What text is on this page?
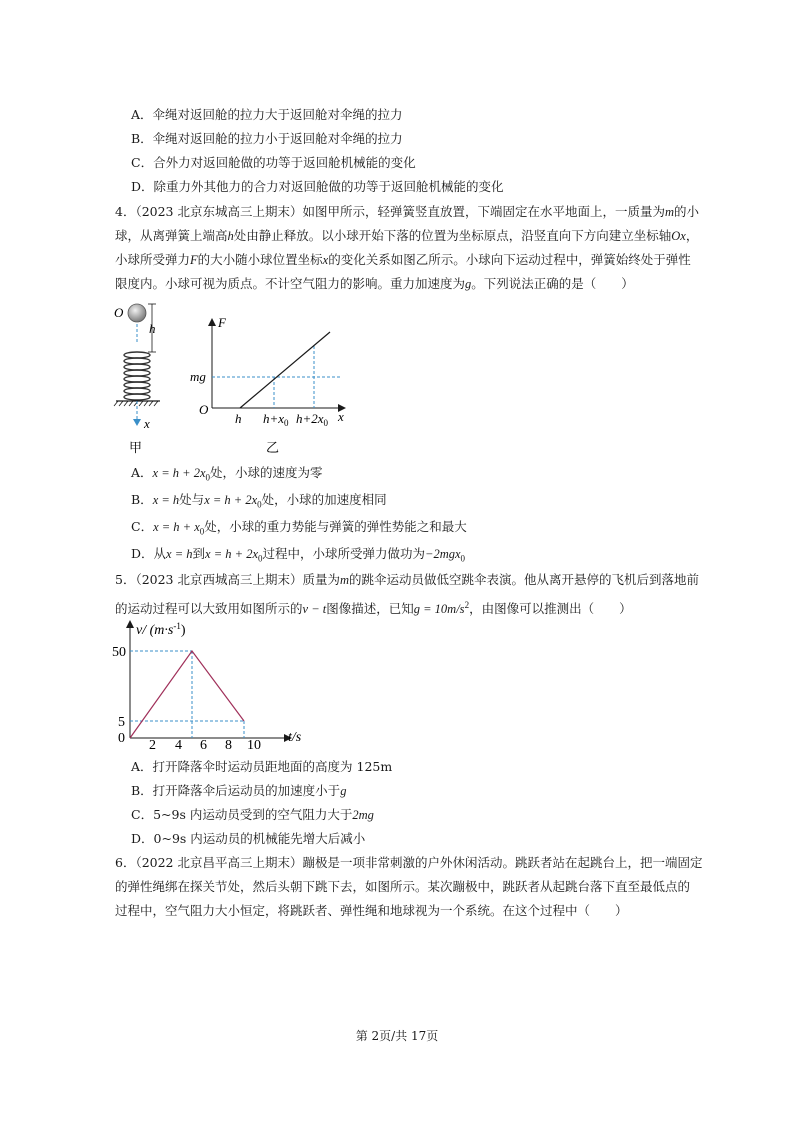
A．伞绳对返回舱的拉力大于返回舱对伞绳的拉力
B．伞绳对返回舱的拉力小于返回舱对伞绳的拉力
C．合外力对返回舱做的功等于返回舱机械能的变化
D．除重力外其他力的合力对返回舱做的功等于返回舱机械能的变化
4．（2023 北京东城高三上期末）如图甲所示，轻弹簧竖直放置，下端固定在水平地面上，一质量为m的小
球，从离弹簧上端高h处由静止释放。以小球开始下落的位置为坐标原点，沿竖直向下方向建立坐标轴Ox，
小球所受弹力F的大小随小球位置坐标x的变化关系如图乙所示。小球向下运动过程中，弹簧始终处于弹性
限度内。小球可视为质点。不计空气阻力的影响。重力加速度为g。下列说法正确的是（　　）
O
h
x
甲
F
mg
O
h $h+x_0$ $h+2x_0$ x
乙
A．$x = h + 2x_0$处，小球的速度为零
B．x = h处与$x = h + 2x_0$处，小球的加速度相同
C．$x = h + x_0$处，小球的重力势能与弹簧的弹性势能之和最大
D．从x = h到$x = h + 2x_0$过程中，小球所受弹力做功为−2mgx$_0$
5．（2023 北京西城高三上期末）质量为m的跳伞运动员做低空跳伞表演。他从离开悬停的飞机后到落地前
的运动过程可以大致用如图所示的v − t图像描述，已知$g = 10m/s^2$，由图像可以推测出（　　）
v/ $(m\cdot s^{-1})$
50
5
0 2 4 6 8 10
t/s
A．打开降落伞时运动员距地面的高度为 125m
B．打开降落伞后运动员的加速度小于g
C．5~9s 内运动员受到的空气阻力大于2mg
D．0~9s 内运动员的机械能先增大后减小
6．（2022 北京昌平高三上期末）蹦极是一项非常刺激的户外休闲活动。跳跃者站在起跳台上，把一端固定
的弹性绳绑在探关节处，然后头朝下跳下去，如图所示。某次蹦极中，跳跃者从起跳台落下直至最低点的
过程中，空气阻力大小恒定，将跳跃者、弹性绳和地球视为一个系统。在这个过程中（　　）
第 2页/共 17页
